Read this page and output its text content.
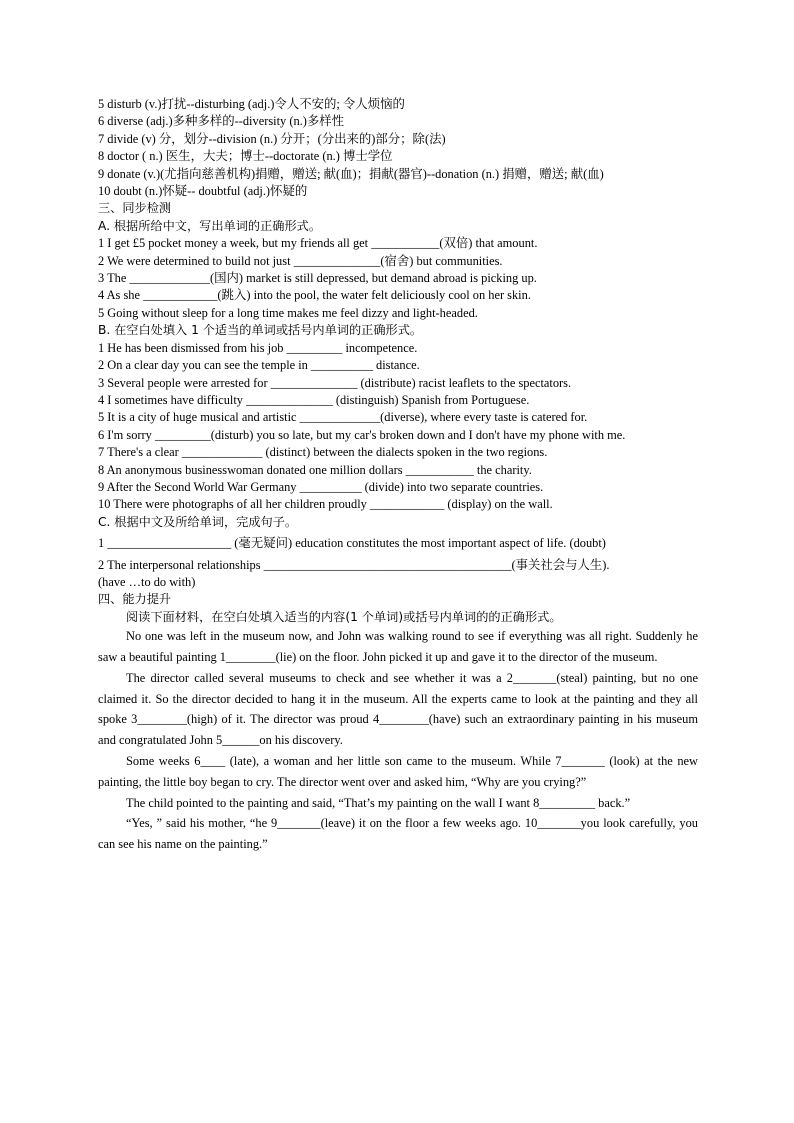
5 disturb (v.)打扰--disturbing (adj.)令人不安的; 令人烦恼的
6 diverse (adj.)多种多样的--diversity (n.)多样性
7 divide (v) 分，划分--division (n.) 分开；(分出来的)部分；除(法)
8 doctor ( n.) 医生，大夫；博士--doctorate (n.) 博士学位
9 donate (v.)(尤指向慈善机构)捐赠，赠送; 献(血)；捐献(器官)--donation (n.) 捐赠，赠送; 献(血)
10 doubt (n.)怀疑-- doubtful (adj.)怀疑的
三、同步检测
A. 根据所给中文，写出单词的正确形式。
1 I get £5 pocket money a week, but my friends all get ___________(双倍) that amount.
2 We were determined to build not just ______________(宿舍) but communities.
3 The _____________(国内) market is still depressed, but demand abroad is picking up.
4 As she ____________(跳入) into the pool, the water felt deliciously cool on her skin.
5 Going without sleep for a long time makes me feel dizzy and light-headed.
B. 在空白处填入 1 个适当的单词或括号内单词的正确形式。
1 He has been dismissed from his job _________ incompetence.
2 On a clear day you can see the temple in __________ distance.
3 Several people were arrested for ______________ (distribute) racist leaflets to the spectators.
4 I sometimes have difficulty ______________ (distinguish) Spanish from Portuguese.
5 It is a city of huge musical and artistic _____________(diverse), where every taste is catered for.
6 I'm sorry _________(disturb) you so late, but my car's broken down and I don't have my phone with me.
7 There's a clear _____________ (distinct) between the dialects spoken in the two regions.
8 An anonymous businesswoman donated one million dollars ___________ the charity.
9 After the Second World War Germany __________ (divide) into two separate countries.
10 There were photographs of all her children proudly ____________ (display) on the wall.
C. 根据中文及所给单词，完成句子。
1 ____________________ (毫无疑问) education constitutes the most important aspect of life. (doubt)
2 The interpersonal relationships ________________________________________(事关社会与人生).
(have …to do with)
四、能力提升
阅读下面材料，在空白处填入适当的内容(1 个单词)或括号内单词的的正确形式。
No one was left in the museum now, and John was walking round to see if everything was all right. Suddenly he saw a beautiful painting 1________(lie) on the floor. John picked it up and gave it to the director of the museum.
The director called several museums to check and see whether it was a 2_______(steal) painting, but no one claimed it. So the director decided to hang it in the museum. All the experts came to look at the painting and they all spoke 3________(high) of it. The director was proud 4________(have) such an extraordinary painting in his museum and congratulated John 5______on his discovery.
Some weeks 6____ (late), a woman and her little son came to the museum. While 7_______ (look) at the new painting, the little boy began to cry. The director went over and asked him, “Why are you crying?”
The child pointed to the painting and said, “That’s my painting on the wall I want 8_________ back.”
“Yes, ” said his mother, “he 9_______(leave) it on the floor a few weeks ago. 10_______you look carefully, you can see his name on the painting.”
